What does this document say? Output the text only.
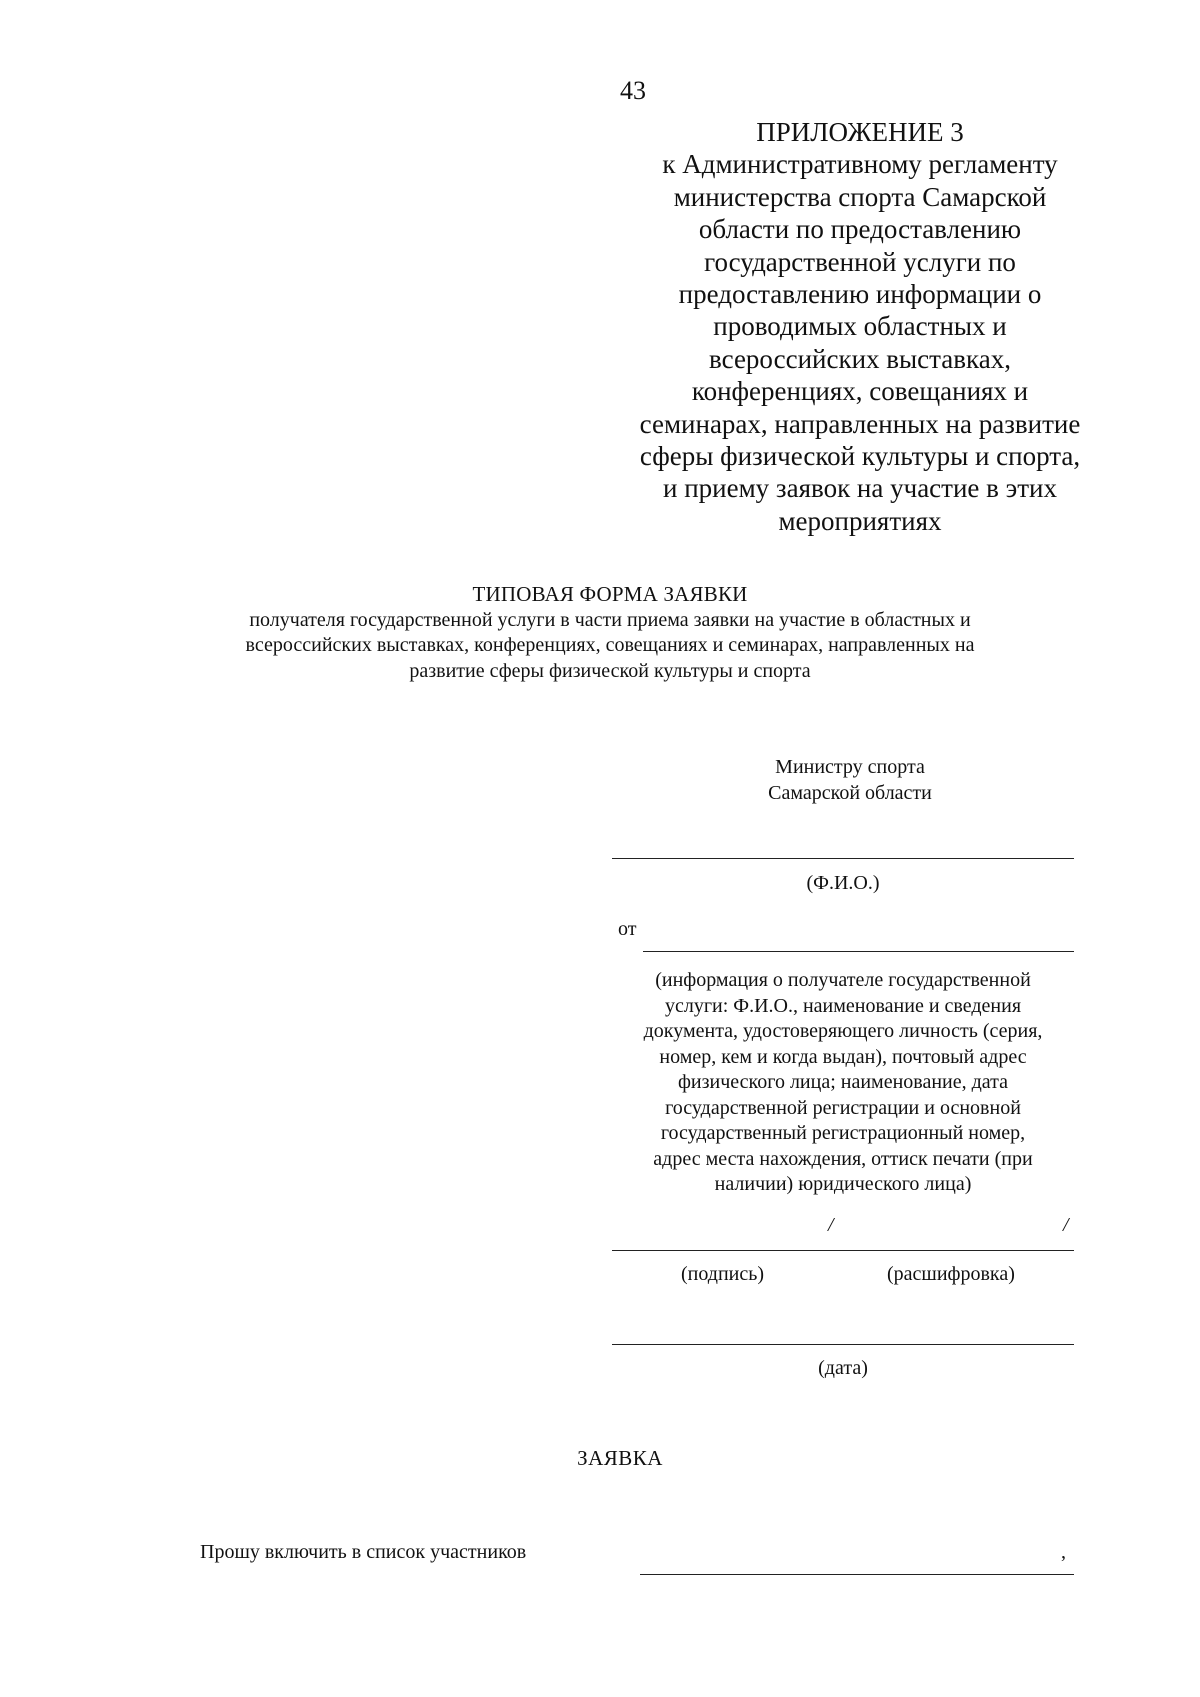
43
ПРИЛОЖЕНИЕ 3
к Административному регламенту
министерства спорта Самарской
области по предоставлению
государственной услуги по
предоставлению информации о
проводимых областных и
всероссийских выставках,
конференциях, совещаниях и
семинарах, направленных на развитие
сферы физической культуры и спорта,
и приему заявок на участие в этих
мероприятиях
ТИПОВАЯ ФОРМА ЗАЯВКИ
получателя государственной услуги в части приема заявки на участие в областных и
всероссийских выставках, конференциях, совещаниях и семинарах, направленных на
развитие сферы физической культуры и спорта
Министру спорта
Самарской области
(Ф.И.О.)
от
(информация о получателе государственной
услуги: Ф.И.О., наименование и сведения
документа, удостоверяющего личность (серия,
номер, кем и когда выдан), почтовый адрес
физического лица; наименование, дата
государственной регистрации и основной
государственный регистрационный номер,
адрес места нахождения, оттиск печати (при
наличии) юридического лица)
/	/
(подпись)	(расшифровка)
(дата)
ЗАЯВКА
Прошу включить в список участников	,
